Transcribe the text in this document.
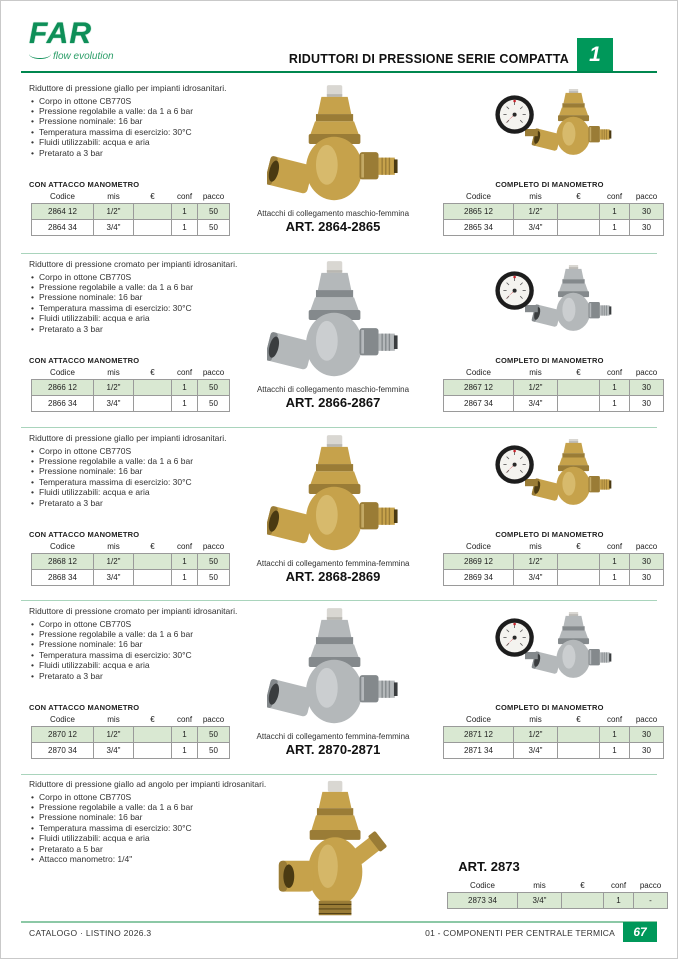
FAR
flow evolution	RIDUTTORI DI PRESSIONE SERIE COMPATTA 1

Riduttore di pressione giallo per impianti idrosanitari.

• Corpo in ottone CB770S
• Pressione regolabile a valle: da 1 a 6 bar
• Pressione nominale: 16 bar
• Temperatura massima di esercizio: 30°C
• Fluidi utilizzabili: acqua e aria
• Pretarato a 3 bar
CON ATTACCO MANOMETRO
Codice	mis	€	conf	pacco
2864 12	1/2"		1	50
2864 34	3/4"		1	50
Attacchi di collegamento maschio-femmina
ART. 2864-2865
COMPLETO DI MANOMETRO
Codice	mis	€	conf	pacco
2865 12	1/2"		1	30
2865 34	3/4"		1	30

Riduttore di pressione cromato per impianti idrosanitari.

• Corpo in ottone CB770S
• Pressione regolabile a valle: da 1 a 6 bar
• Pressione nominale: 16 bar
• Temperatura massima di esercizio: 30°C
• Fluidi utilizzabili: acqua e aria
• Pretarato a 3 bar
CON ATTACCO MANOMETRO
Codice	mis	€	conf	pacco
2866 12	1/2"		1	50
2866 34	3/4"		1	50
Attacchi di collegamento maschio-femmina
ART. 2866-2867
COMPLETO DI MANOMETRO
Codice	mis	€	conf	pacco
2867 12	1/2"		1	30
2867 34	3/4"		1	30

Riduttore di pressione giallo per impianti idrosanitari.

• Corpo in ottone CB770S
• Pressione regolabile a valle: da 1 a 6 bar
• Pressione nominale: 16 bar
• Temperatura massima di esercizio: 30°C
• Fluidi utilizzabili: acqua e aria
• Pretarato a 3 bar
CON ATTACCO MANOMETRO
Codice	mis	€	conf	pacco
2868 12	1/2"		1	50
2868 34	3/4"		1	50
Attacchi di collegamento femmina-femmina
ART. 2868-2869
COMPLETO DI MANOMETRO
Codice	mis	€	conf	pacco
2869 12	1/2"		1	30
2869 34	3/4"		1	30

Riduttore di pressione cromato per impianti idrosanitari.

• Corpo in ottone CB770S
• Pressione regolabile a valle: da 1 a 6 bar
• Pressione nominale: 16 bar
• Temperatura massima di esercizio: 30°C
• Fluidi utilizzabili: acqua e aria
• Pretarato a 3 bar
CON ATTACCO MANOMETRO
Codice	mis	€	conf	pacco
2870 12	1/2"		1	50
2870 34	3/4"		1	50
Attacchi di collegamento femmina-femmina
ART. 2870-2871
COMPLETO DI MANOMETRO
Codice	mis	€	conf	pacco
2871 12	1/2"		1	30
2871 34	3/4"		1	30

Riduttore di pressione giallo ad angolo per impianti idrosanitari.

• Corpo in ottone CB770S
• Pressione regolabile a valle: da 1 a 6 bar
• Pressione nominale: 16 bar
• Temperatura massima di esercizio: 30°C
• Fluidi utilizzabili: acqua e aria
• Pretarato a 5 bar
• Attacco manometro: 1/4"
ART. 2873
Codice	mis	€	conf	pacco
2873 34	3/4"		1	-
CATALOGO · LISTINO 2026.3	01 - COMPONENTI PER CENTRALE TERMICA	67
